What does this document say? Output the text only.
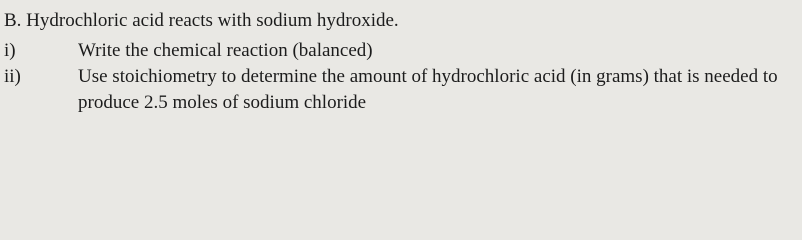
B. Hydrochloric acid reacts with sodium hydroxide.
i)	Write the chemical reaction (balanced)
ii)	Use stoichiometry to determine the amount of hydrochloric acid (in grams) that is needed to
produce 2.5 moles of sodium chloride
